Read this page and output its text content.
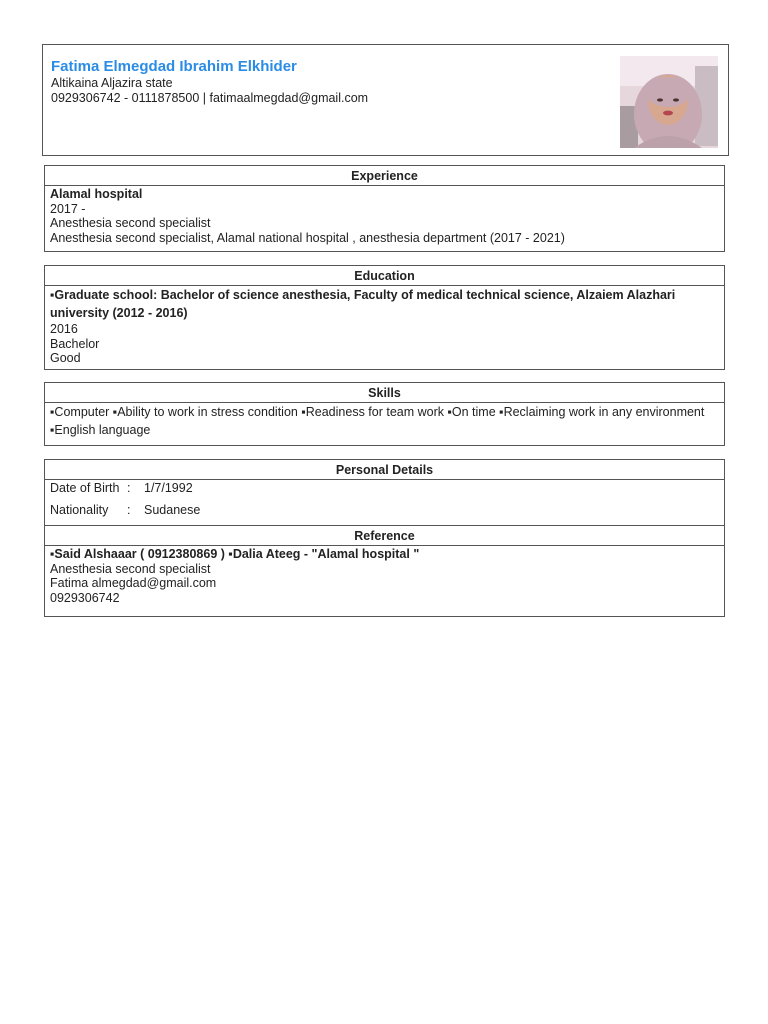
Fatima Elmegdad Ibrahim Elkhider
Altikaina Aljazira state
0929306742 - 0111878500 | fatimaalmegdad@gmail.com
Experience
Alamal hospital
2017 -
Anesthesia second specialist
Anesthesia second specialist, Alamal national hospital , anesthesia department (2017 - 2021)
Education
▪Graduate school: Bachelor of science anesthesia, Faculty of medical technical science, Alzaiem Alazhari university (2012 - 2016)
2016
Bachelor
Good
Skills
▪Computer ▪Ability to work in stress condition ▪Readiness for team work ▪On time ▪Reclaiming work in any environment ▪English language
Personal Details
Date of Birth :	1/7/1992
Nationality	:	Sudanese
Reference
▪Said Alshaaar ( 0912380869 ) ▪Dalia Ateeg - "Alamal hospital "
Anesthesia second specialist
Fatima almegdad@gmail.com
0929306742
